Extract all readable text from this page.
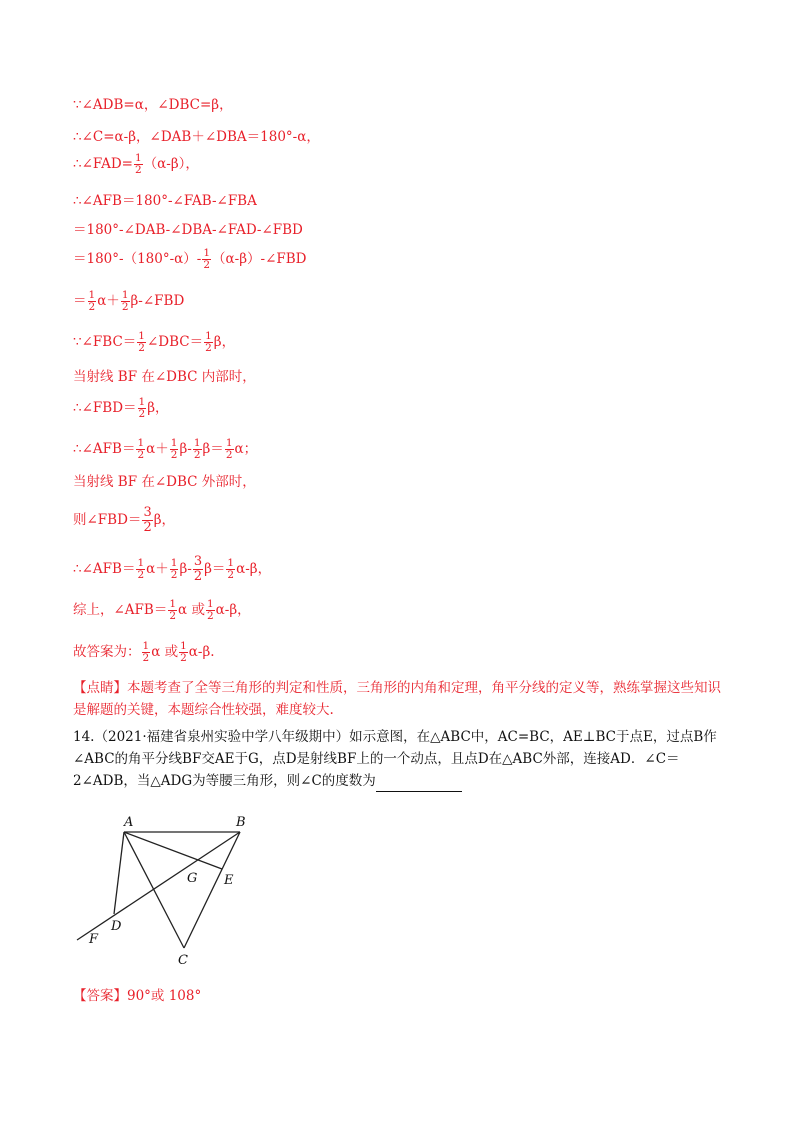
∵∠ADB=α，∠DBC=β，
∴∠C=α-β，∠DAB＋∠DBA＝180°-α，
∴∠FAD= $\frac{1}{2} (\alpha-\beta)$，
∴∠AFB＝180°-∠FAB-∠FBA
＝180°-∠DAB-∠DBA-∠FAD-∠FBD
$=180^\circ-(180^\circ-\alpha)- \frac{1}{2}$ （α-β）-∠FBD
＝ $\frac{1}{2} \alpha+ \frac{1}{2}$ β-∠FBD
∵∠FBC＝ $\frac{1}{2}$ ∠DBC＝ $\frac{1}{2}$ β，
当射线 BF 在∠DBC 内部时，
∴∠FBD＝ $\frac{1}{2}$ β，
∴∠AFB＝ $\frac{1}{2} \alpha+ \frac{1}{2} \beta- \frac{1}{2} \beta= \frac{1}{2}$ α；
当射线 BF 在∠DBC 外部时，
则∠FBD＝ $\frac{3}{2}$ β，
∴∠AFB＝ $\frac{1}{2} \alpha+ \frac{1}{2} \beta- \frac{3}{2} \beta= \frac{1}{2} \alpha-\beta$，
综上，∠AFB＝ $\frac{1}{2}$ α 或 $\frac{1}{2} \alpha-\beta$，
故答案为： $\frac{1}{2}$ α 或 $\frac{1}{2} \alpha-\beta$.
【点睛】本题考查了全等三角形的判定和性质，三角形的内角和定理，角平分线的定义等，熟练掌握这些知识是解题的关键，本题综合性较强，难度较大.
14.（2021·福建省泉州实验中学八年级期中）如示意图，在△ABC中，AC=BC，AE⊥BC于点E，过点B作∠ABC的角平分线BF交AE于G，点D是射线BF上的一个动点，且点D在△ABC外部，连接AD．∠C＝2∠ADB，当△ADG为等腰三角形，则∠C的度数为
A	B
G E
D
F
C
【答案】90°或 108°
